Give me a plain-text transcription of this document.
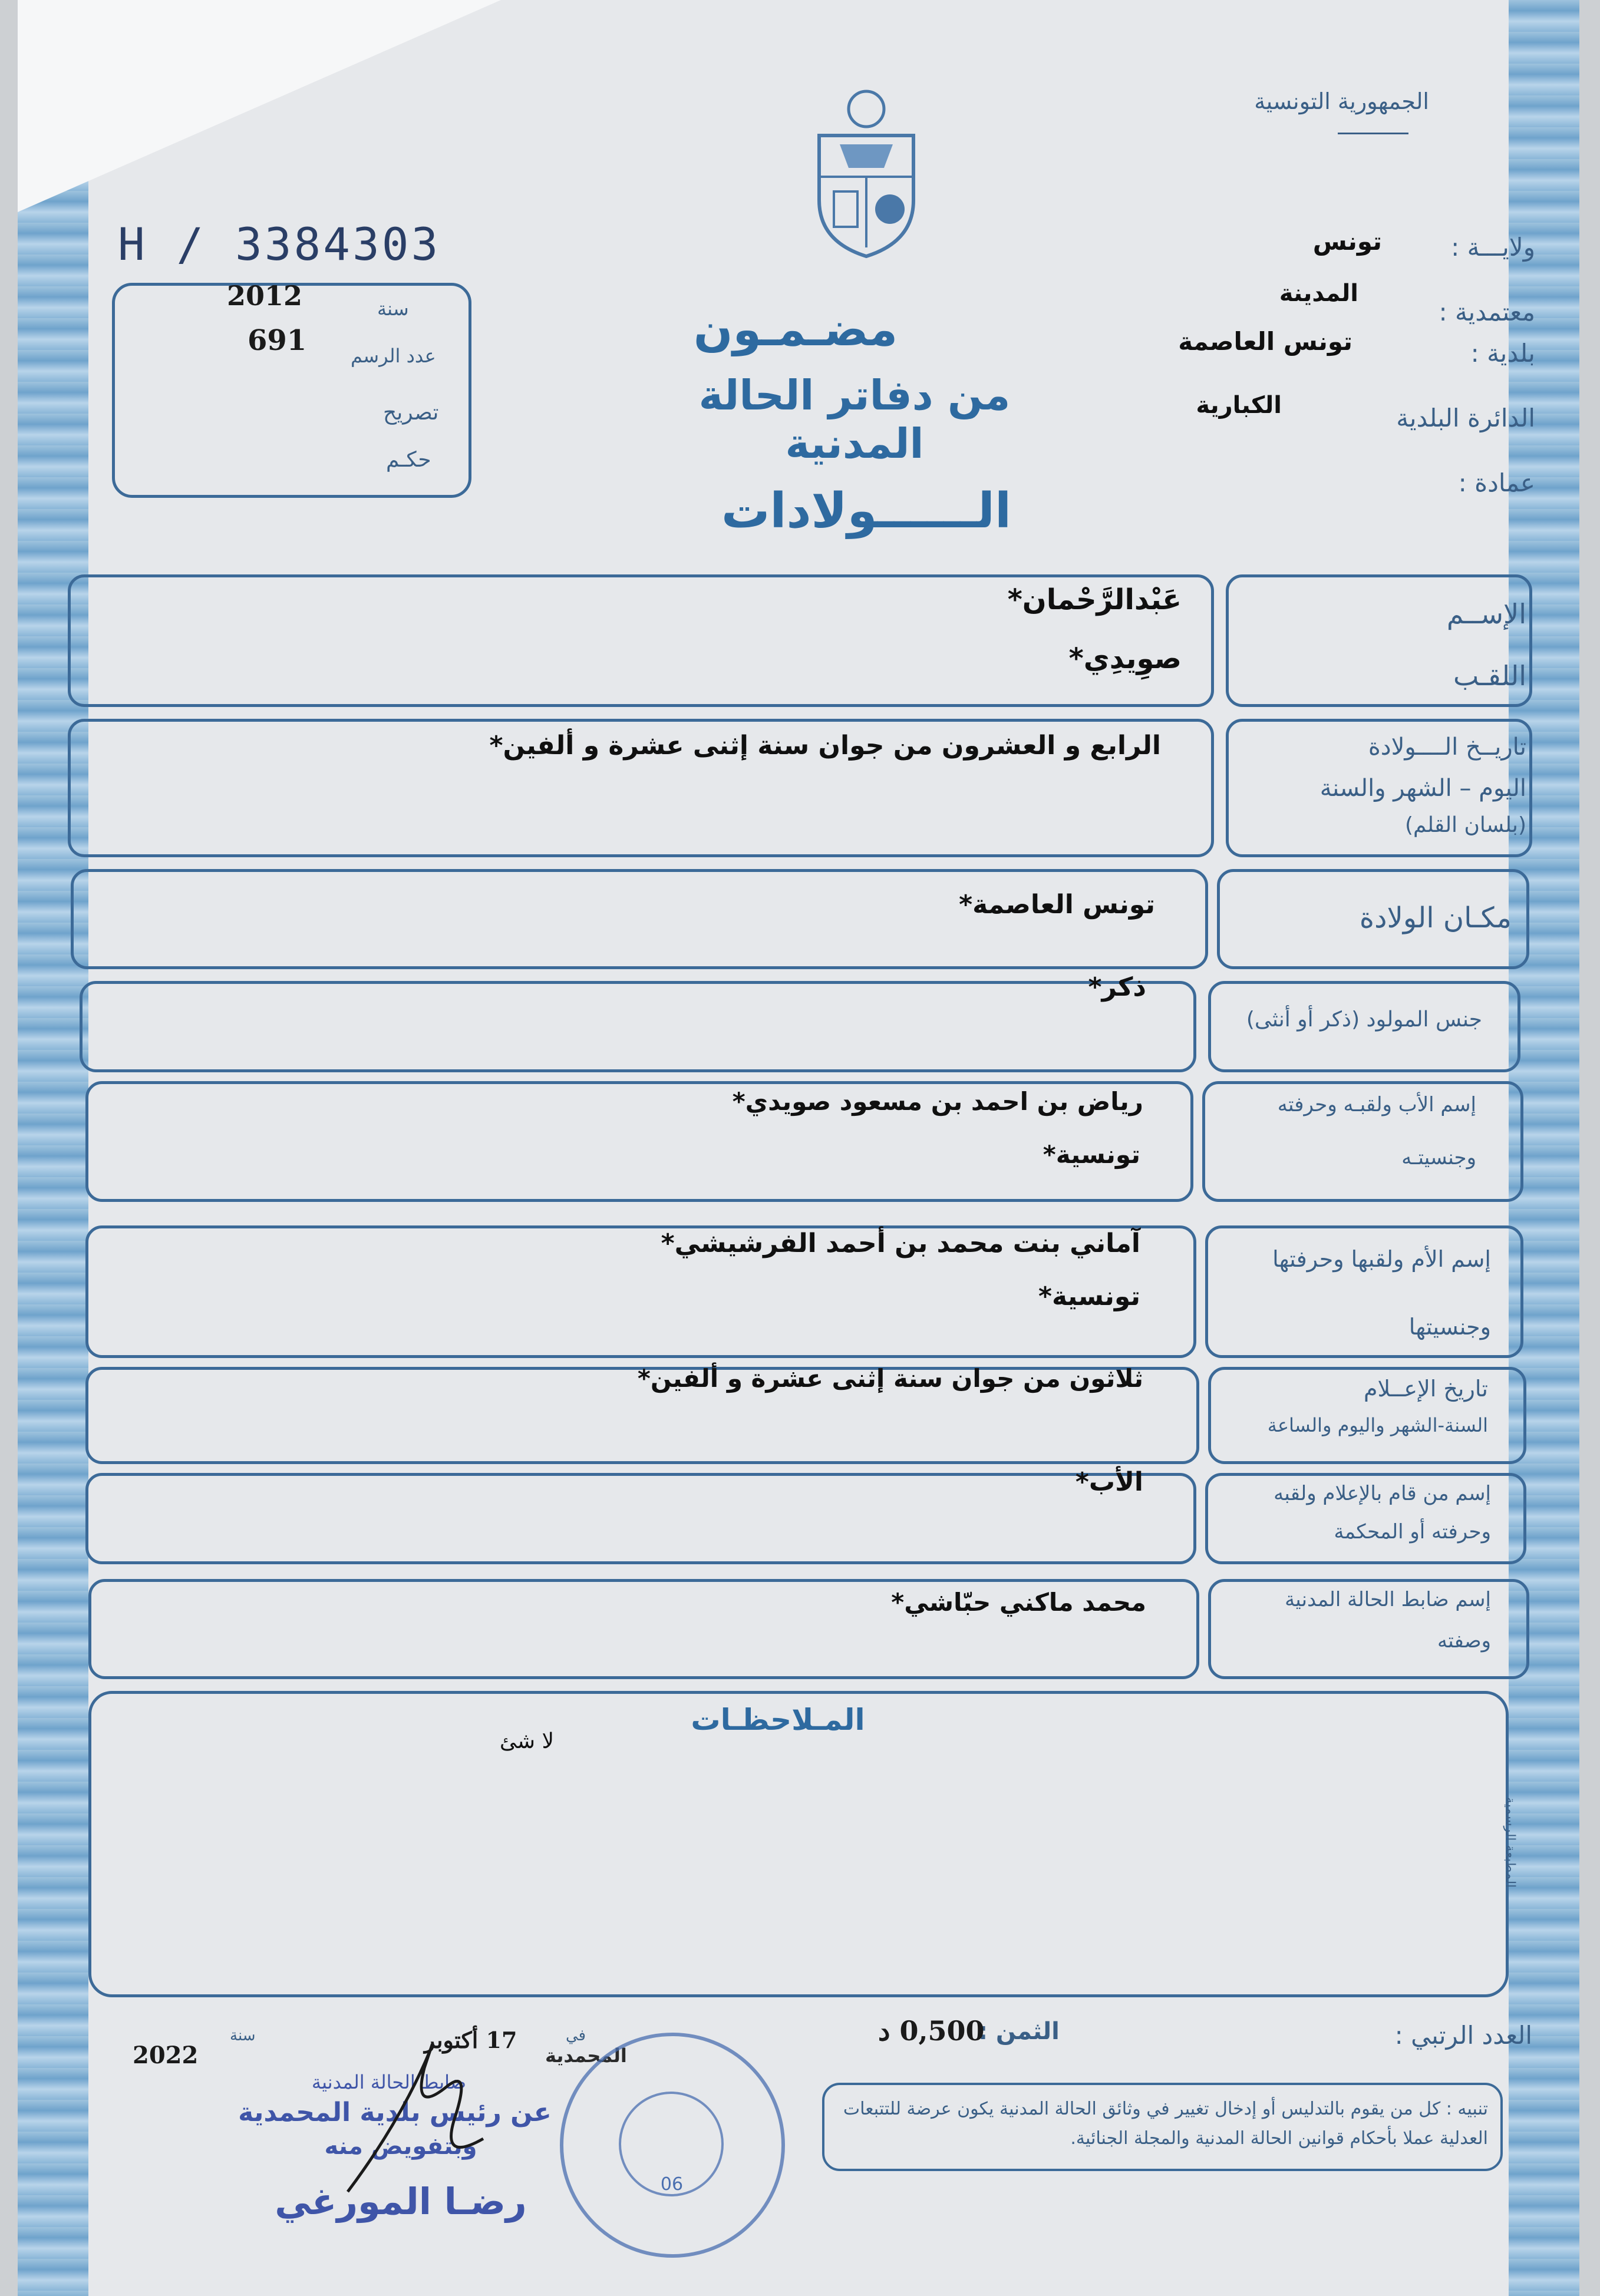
الجمهورية التونسية
H / 3384303	ولايـــة :
تونس
معتمدية :
المدينة
بلدية :
تونس العاصمة
الدائرة البلدية
الكبارية
عمادة :
سنة
2012
عدد الرسم
691
تصريح
حكـم
مضـمـون
من دفاتر الحالة المدنية
الــــــولادات
الإســم
اللقـب
عَبْدالرَّحْمان*
صوِيدِي*
تاريــخ الــــولادة
اليوم – الشهر والسنة
(بلسان القلم)
الرابع و العشرون من جوان سنة إثنى عشرة و ألفين*
مكـان الولادة
تونس العاصمة*
جنس المولود (ذكر أو أنثى)
ذكر*
إسم الأب ولقبـه وحرفته
وجنسيتـه
رياض بن احمد بن مسعود صويدي*
تونسية*
إسم الأم ولقبها وحرفتها
وجنسيتها
آماني بنت محمد بن أحمد الفرشيشي*
تونسية*
تاريخ الإعــلام
السنة-الشهر واليوم والساعة
ثلاثون من جوان سنة إثنى عشرة و ألفين*
إسم من قام بالإعلام ولقبه
وحرفته أو المحكمة
الأب*
إسم ضابط الحالة المدنية
وصفته
محمد ماكني حبّاشي*
المـلاحظـات
لا شئ
المطبعة الرسمية
العدد الرتبي :
الثمن :
0,500 د
في
المحمدية
17 أكتوبر
سنة
2022
ضابط الحالة المدنية
عن رئيس بلدية المحمدية
وبتفويض منه
رضـا المورغي	06
تنبيه : كل من يقوم بالتدليس أو إدخال تغيير في وثائق الحالة المدنية يكون عرضة للتتبعات العدلية عملا بأحكام قوانين الحالة المدنية والمجلة الجنائية.
